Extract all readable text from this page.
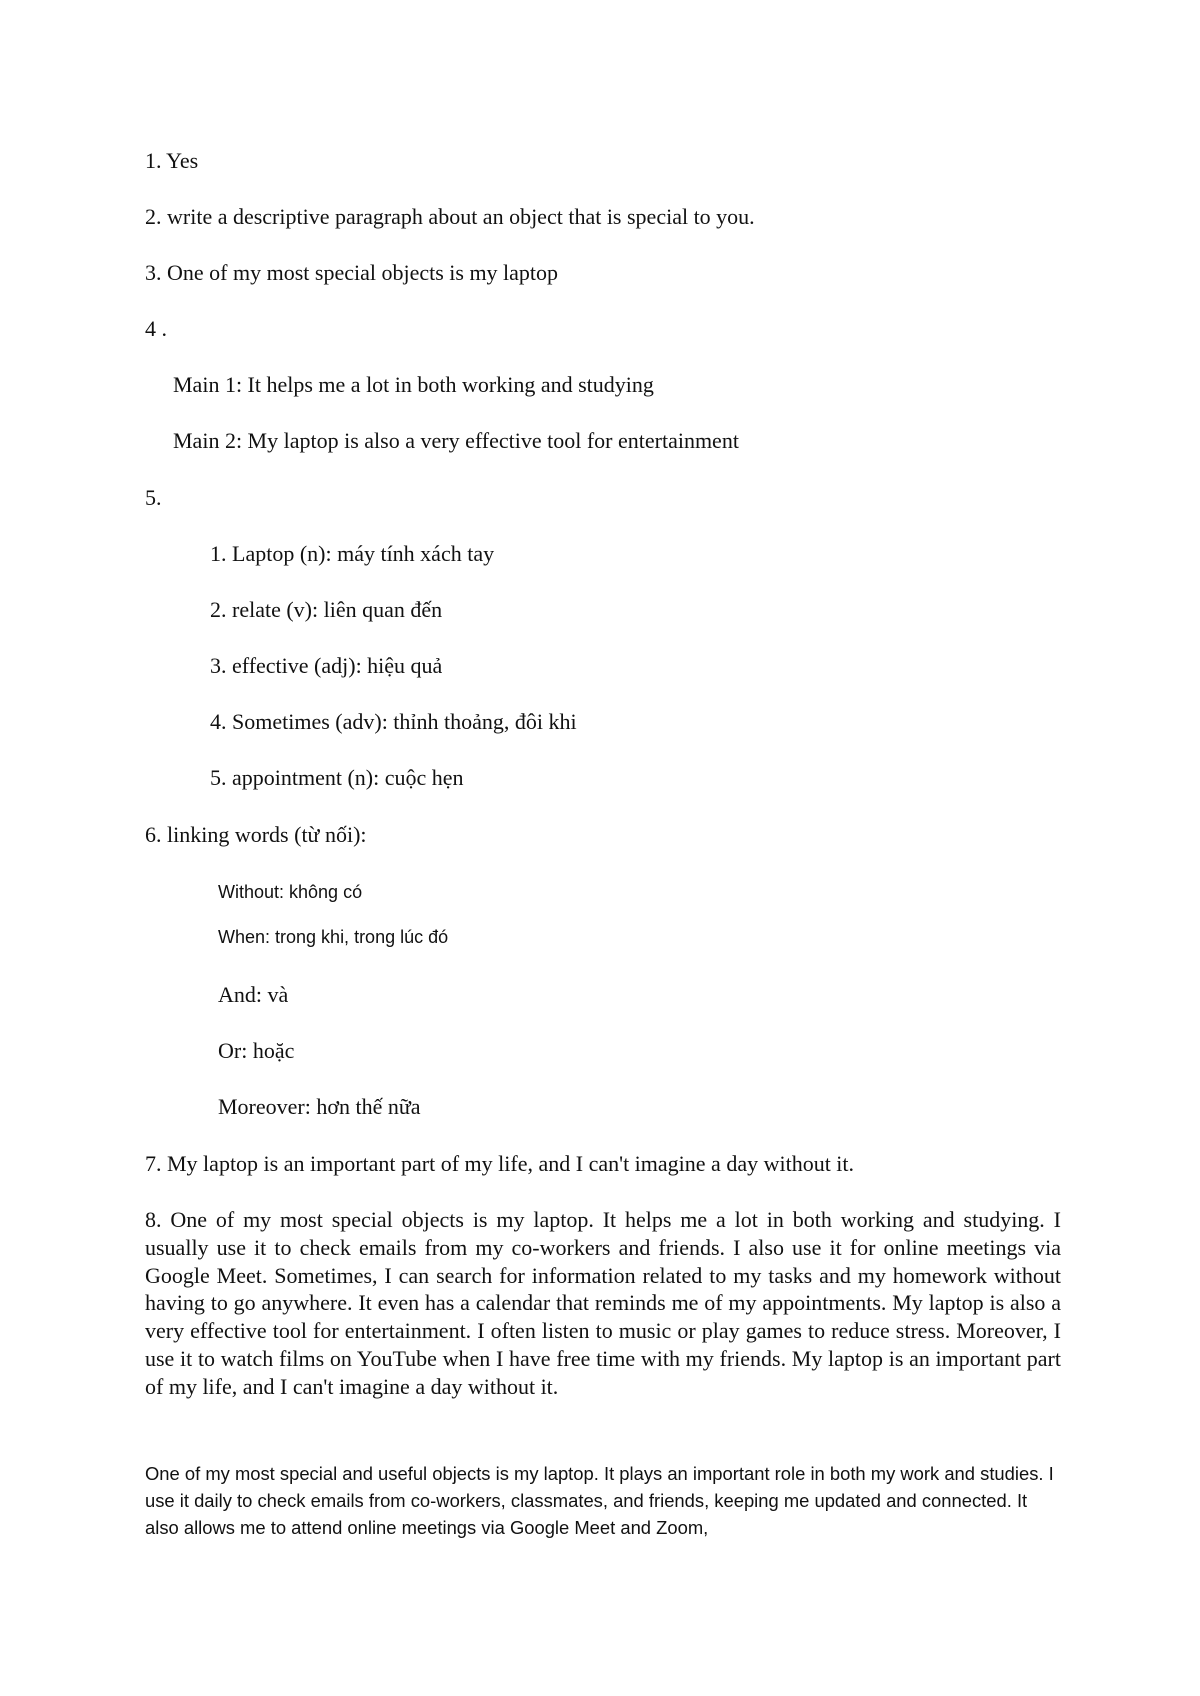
1. Yes

2. write a descriptive paragraph about an object that is special to you.

3. One of my most special objects is my laptop

4 .

Main 1: It helps me a lot in both working and studying

Main 2: My laptop is also a very effective tool for entertainment

5.

1. Laptop (n): máy tính xách tay

2. relate (v): liên quan đến

3. effective (adj): hiệu quả

4. Sometimes (adv): thỉnh thoảng, đôi khi

5. appointment (n): cuộc hẹn

6. linking words (từ nối):

Without: không có

When: trong khi, trong lúc đó

And: và

Or: hoặc

Moreover: hơn thế nữa

7. My laptop is an important part of my life, and I can't imagine a day without it.

8. One of my most special objects is my laptop. It helps me a lot in both working and studying. I usually use it to check emails from my co-workers and friends. I also use it for online meetings via Google Meet. Sometimes, I can search for information related to my tasks and my homework without having to go anywhere. It even has a calendar that reminds me of my appointments. My laptop is also a very effective tool for entertainment. I often listen to music or play games to reduce stress. Moreover, I use it to watch films on YouTube when I have free time with my friends. My laptop is an important part of my life, and I can't imagine a day without it.

One of my most special and useful objects is my laptop. It plays an important role in both my work and studies. I use it daily to check emails from co-workers, classmates, and friends, keeping me updated and connected. It also allows me to attend online meetings via Google Meet and Zoom,
